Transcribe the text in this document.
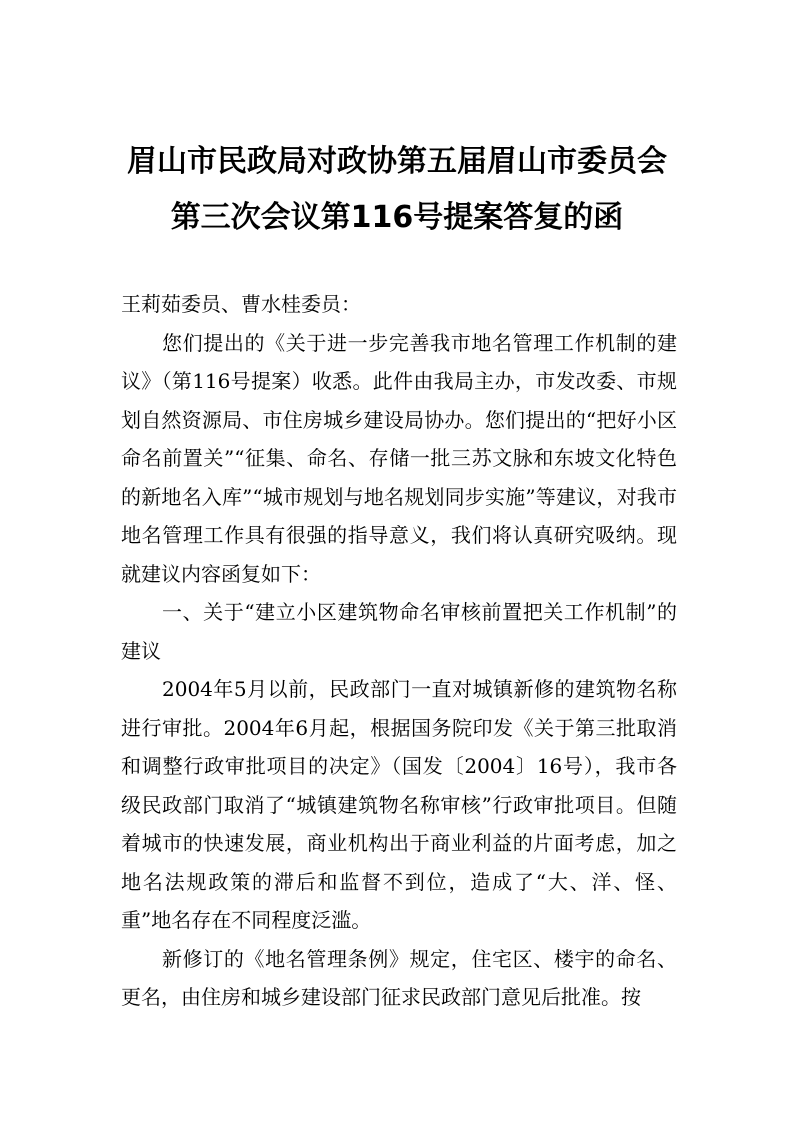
眉山市民政局对政协第五届眉山市委员会
第三次会议第116号提案答复的函

王莉茹委员、曹水桂委员：

您们提出的《关于进一步完善我市地名管理工作机制的建议》（第116号提案）收悉。此件由我局主办，市发改委、市规划自然资源局、市住房城乡建设局协办。您们提出的“把好小区命名前置关”“征集、命名、存储一批三苏文脉和东坡文化特色的新地名入库”“城市规划与地名规划同步实施”等建议，对我市地名管理工作具有很强的指导意义，我们将认真研究吸纳。现就建议内容函复如下：

一、关于“建立小区建筑物命名审核前置把关工作机制”的建议

2004年5月以前，民政部门一直对城镇新修的建筑物名称进行审批。2004年6月起，根据国务院印发《关于第三批取消和调整行政审批项目的决定》（国发〔2004〕16号），我市各级民政部门取消了“城镇建筑物名称审核”行政审批项目。但随着城市的快速发展，商业机构出于商业利益的片面考虑，加之地名法规政策的滞后和监督不到位，造成了“大、洋、怪、重”地名存在不同程度泛滥。

新修订的《地名管理条例》规定，住宅区、楼宇的命名、更名，由住房和城乡建设部门征求民政部门意见后批准。按
